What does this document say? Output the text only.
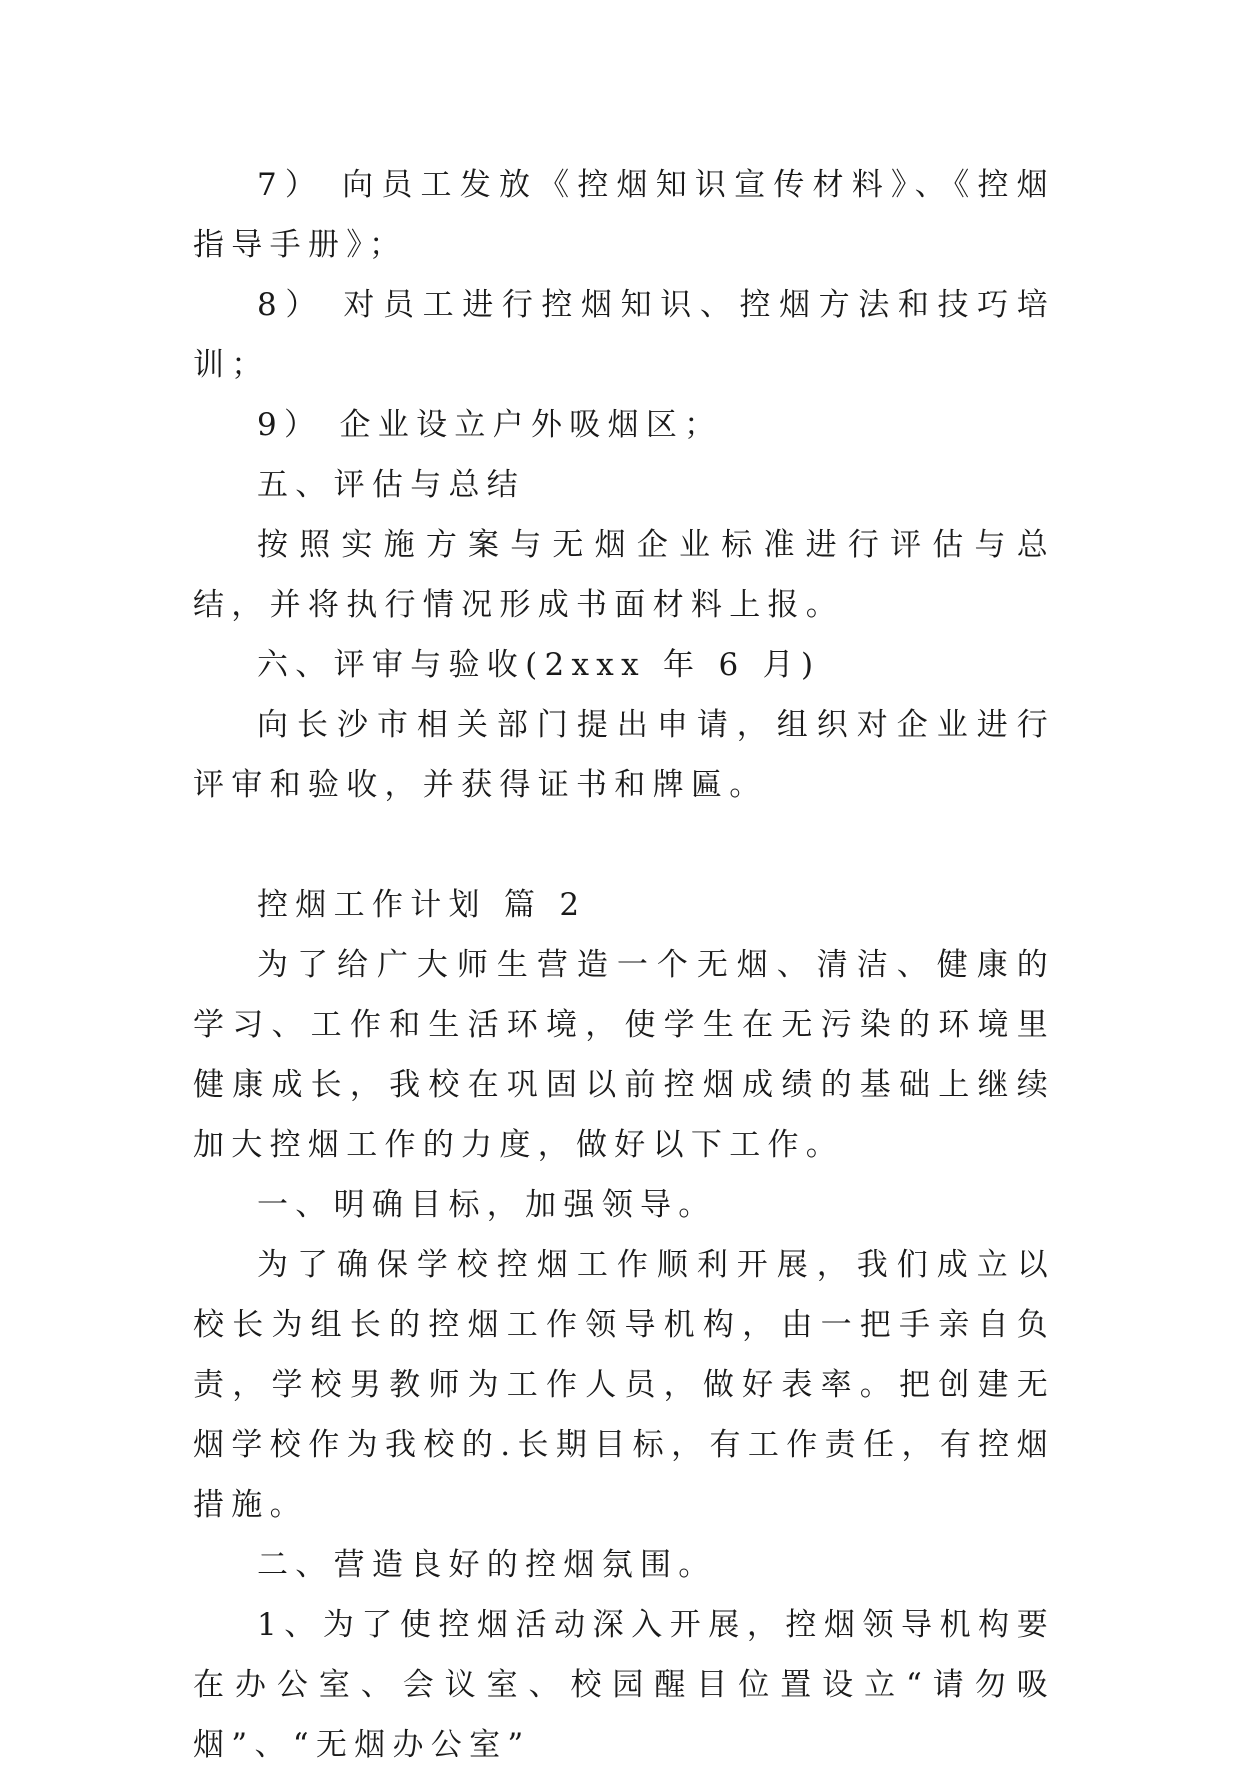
7） 向员工发放《控烟知识宣传材料》、《控烟指导手册》；

8） 对员工进行控烟知识、控烟方法和技巧培训；

9） 企业设立户外吸烟区；

五、评估与总结

按照实施方案与无烟企业标准进行评估与总结，并将执行情况形成书面材料上报。

六、评审与验收(2xxx 年 6 月)

向长沙市相关部门提出申请，组织对企业进行评审和验收，并获得证书和牌匾。

控烟工作计划 篇 2

为了给广大师生营造一个无烟、清洁、健康的学习、工作和生活环境，使学生在无污染的环境里健康成长，我校在巩固以前控烟成绩的基础上继续加大控烟工作的力度，做好以下工作。

一、明确目标，加强领导。

为了确保学校控烟工作顺利开展，我们成立以校长为组长的控烟工作领导机构，由一把手亲自负责，学校男教师为工作人员，做好表率。把创建无烟学校作为我校的.长期目标，有工作责任，有控烟措施。

二、营造良好的控烟氛围。

1、为了使控烟活动深入开展，控烟领导机构要在办公室、会议室、校园醒目位置设立“请勿吸烟”、“无烟办公室”
